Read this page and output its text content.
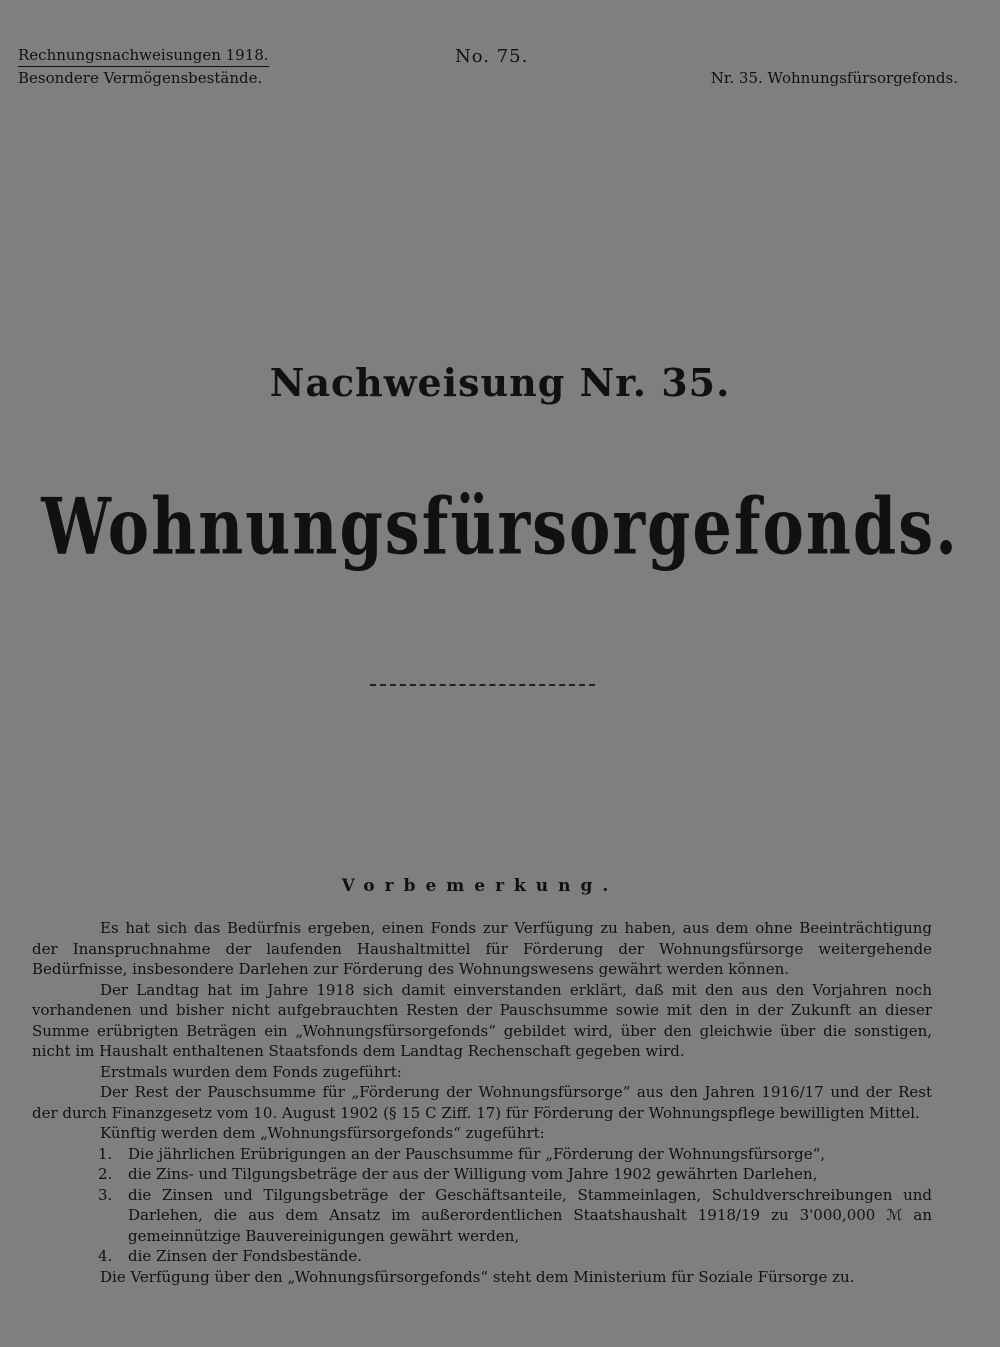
Rechnungsnachweisungen 1918.
Besondere Vermögensbestände.
No. 75.
Nr. 35. Wohnungsfürsorgefonds.
Nachweisung Nr. 35.
Wohnungsfürsorgefonds.
Vorbemerkung.

Es hat sich das Bedürfnis ergeben, einen Fonds zur Verfügung zu haben, aus dem ohne Beeinträchtigung der Inanspruchnahme der laufenden Haushaltmittel für Förderung der Wohnungsfürsorge weitergehende Bedürfnisse, insbesondere Darlehen zur Förderung des Wohnungswesens gewährt werden können.

Der Landtag hat im Jahre 1918 sich damit einverstanden erklärt, daß mit den aus den Vorjahren noch vorhandenen und bisher nicht aufgebrauchten Resten der Pauschsumme sowie mit den in der Zukunft an dieser Summe erübrigten Beträgen ein „Wohnungsfürsorgefonds“ gebildet wird, über den gleichwie über die sonstigen, nicht im Haushalt enthaltenen Staatsfonds dem Landtag Rechenschaft gegeben wird.

Erstmals wurden dem Fonds zugeführt:

Der Rest der Pauschsumme für „Förderung der Wohnungsfürsorge“ aus den Jahren 1916/17 und der Rest der durch Finanzgesetz vom 10. August 1902 (§ 15 C Ziff. 17) für Förderung der Wohnungspflege bewilligten Mittel.

Künftig werden dem „Wohnungsfürsorgefonds“ zugeführt:

1. Die jährlichen Erübrigungen an der Pauschsumme für „Förderung der Wohnungsfürsorge“,
2. die Zins- und Tilgungsbeträge der aus der Willigung vom Jahre 1902 gewährten Darlehen,
3. die Zinsen und Tilgungsbeträge der Geschäftsanteile, Stammeinlagen, Schuldverschreibungen und Darlehen, die aus dem Ansatz im außerordentlichen Staatshaushalt 1918/19 zu 3'000,000 ℳ an gemeinnützige Bauvereinigungen gewährt werden,
4. die Zinsen der Fondsbestände.

Die Verfügung über den „Wohnungsfürsorgefonds“ steht dem Ministerium für Soziale Fürsorge zu.
